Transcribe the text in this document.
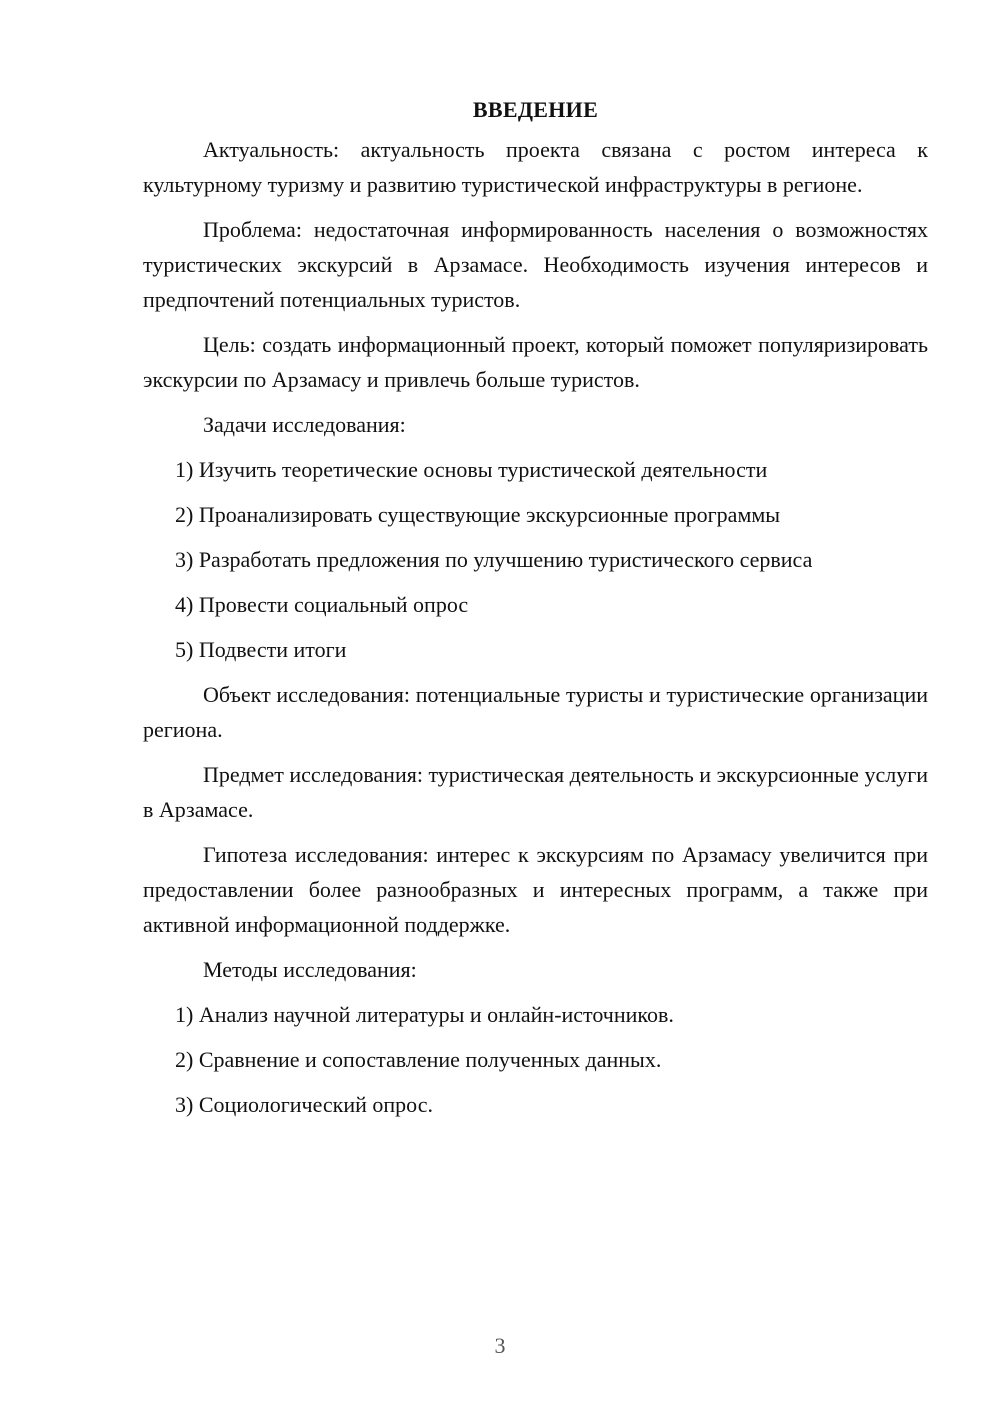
ВВЕДЕНИЕ

Актуальность: актуальность проекта связана с ростом интереса к культурному туризму и развитию туристической инфраструктуры в регионе.

Проблема: недостаточная информированность населения о возможностях туристических экскурсий в Арзамасе. Необходимость изучения интересов и предпочтений потенциальных туристов.

Цель: создать информационный проект, который поможет популяризировать экскурсии по Арзамасу и привлечь больше туристов.

Задачи исследования:
1) Изучить теоретические основы туристической деятельности
2) Проанализировать существующие экскурсионные программы
3) Разработать предложения по улучшению туристического сервиса
4) Провести социальный опрос
5) Подвести итоги

Объект исследования: потенциальные туристы и туристические организации региона.

Предмет исследования: туристическая деятельность и экскурсионные услуги в Арзамасе.

Гипотеза исследования: интерес к экскурсиям по Арзамасу увеличится при предоставлении более разнообразных и интересных программ, а также при активной информационной поддержке.

Методы исследования:
1) Анализ научной литературы и онлайн-источников.
2) Сравнение и сопоставление полученных данных.
3) Социологический опрос.
3
